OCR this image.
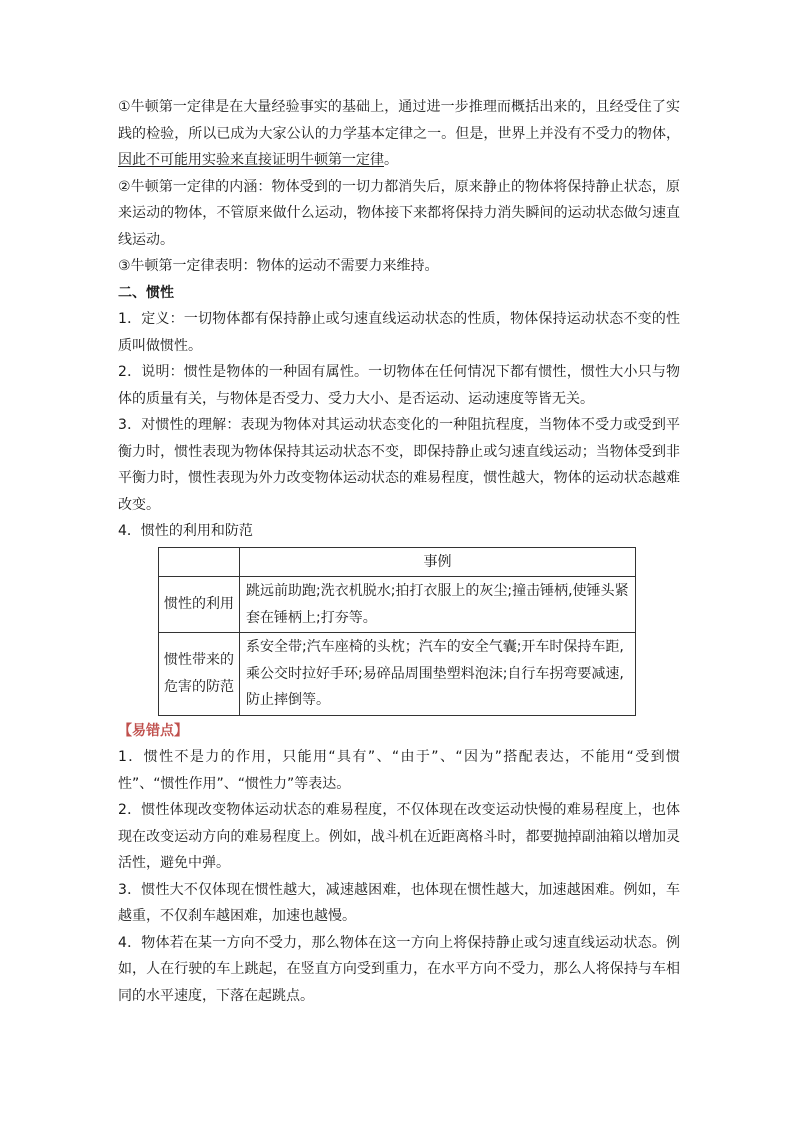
①牛顿第一定律是在大量经验事实的基础上，通过进一步推理而概括出来的，且经受住了实践的检验，所以已成为大家公认的力学基本定律之一。但是，世界上并没有不受力的物体，因此不可能用实验来直接证明牛顿第一定律。

②牛顿第一定律的内涵：物体受到的一切力都消失后，原来静止的物体将保持静止状态，原来运动的物体，不管原来做什么运动，物体接下来都将保持力消失瞬间的运动状态做匀速直线运动。

③牛顿第一定律表明：物体的运动不需要力来维持。

二、惯性

1．定义：一切物体都有保持静止或匀速直线运动状态的性质，物体保持运动状态不变的性质叫做惯性。

2．说明：惯性是物体的一种固有属性。一切物体在任何情况下都有惯性，惯性大小只与物体的质量有关，与物体是否受力、受力大小、是否运动、运动速度等皆无关。

3．对惯性的理解：表现为物体对其运动状态变化的一种阻抗程度，当物体不受力或受到平衡力时，惯性表现为物体保持其运动状态不变，即保持静止或匀速直线运动；当物体受到非平衡力时，惯性表现为外力改变物体运动状态的难易程度，惯性越大，物体的运动状态越难改变。

4．惯性的利用和防范

	事例
惯性的利用	跳远前助跑;洗衣机脱水;拍打衣服上的灰尘;撞击锤柄,使锤头紧套在锤柄上;打夯等。
惯性带来的危害的防范	系安全带;汽车座椅的头枕；汽车的安全气囊;开车时保持车距,乘公交时拉好手环;易碎品周围垫塑料泡沫;自行车拐弯要减速,防止摔倒等。

【易错点】

1．惯性不是力的作用，只能用“具有”、“由于”、“因为”搭配表达，不能用“受到惯性”、“惯性作用”、“惯性力”等表达。

2．惯性体现改变物体运动状态的难易程度，不仅体现在改变运动快慢的难易程度上，也体现在改变运动方向的难易程度上。例如，战斗机在近距离格斗时，都要抛掉副油箱以增加灵活性，避免中弹。

3．惯性大不仅体现在惯性越大，减速越困难，也体现在惯性越大，加速越困难。例如，车越重，不仅刹车越困难，加速也越慢。

4．物体若在某一方向不受力，那么物体在这一方向上将保持静止或匀速直线运动状态。例如，人在行驶的车上跳起，在竖直方向受到重力，在水平方向不受力，那么人将保持与车相同的水平速度，下落在起跳点。
